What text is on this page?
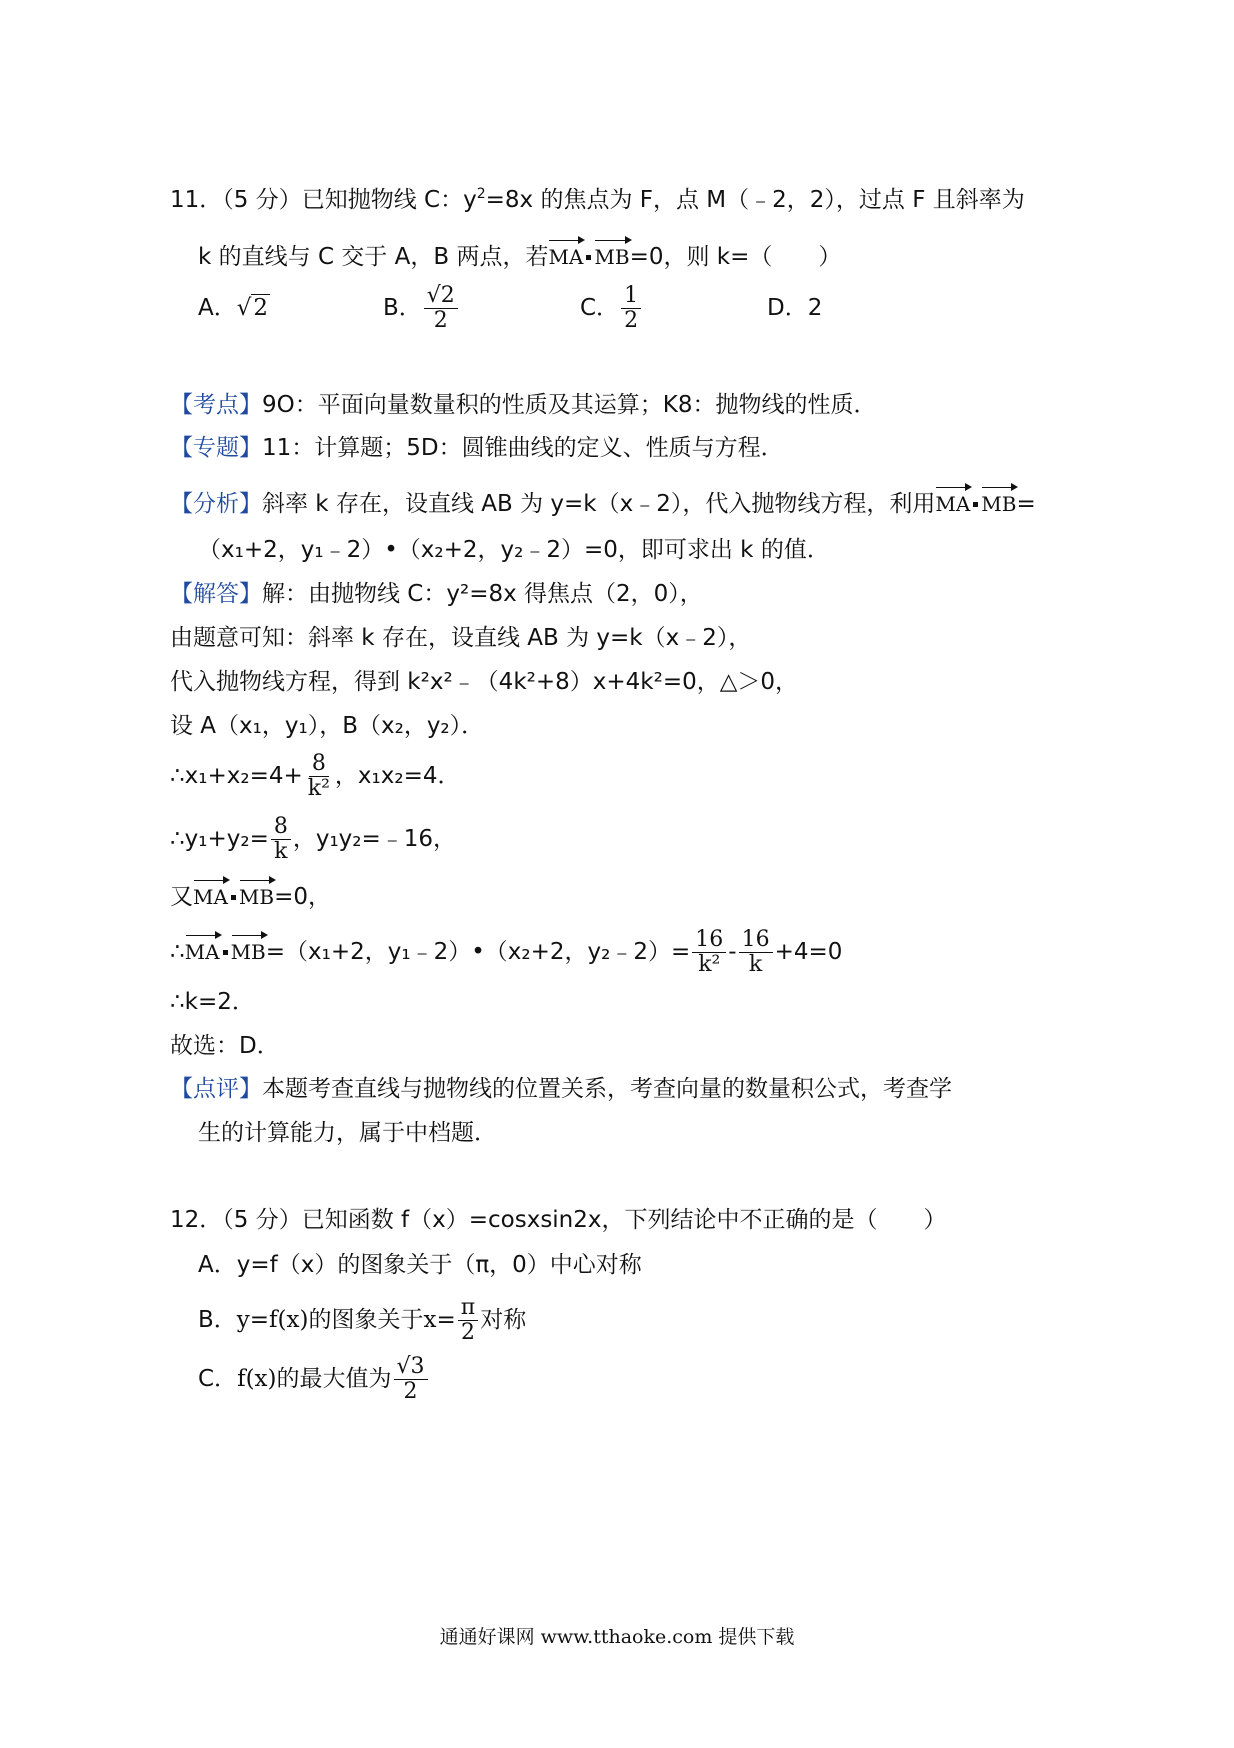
11．（5 分）已知抛物线 C：$y^2=8x$ 的焦点为 F，点 M（﹣2，2），过点 F 且斜率为
k 的直线与 C 交于 A，B 两点，若MA MB=0，则 k=（　　）
A．√2	B． $\frac{√2}{2}$	C． $\frac{1}{2}$	D．2
【考点】9O：平面向量数量积的性质及其运算；K8：抛物线的性质．
【专题】11：计算题；5D：圆锥曲线的定义、性质与方程．
【分析】斜率 k 存在，设直线 AB 为 y=k（x﹣2），代入抛物线方程，利用MA MB=
（x₁+2，y₁﹣2）•（x₂+2，y₂﹣2）=0，即可求出 k 的值．
【解答】解：由抛物线 C：y²=8x 得焦点（2，0），
由题意可知：斜率 k 存在，设直线 AB 为 y=k（x﹣2），
代入抛物线方程，得到 k²x²﹣（4k²+8）x+4k²=0，△＞0，
设 A（x₁，y₁），B（x₂，y₂）．
∴x₁+x₂=4+ $\frac{8}{\text{k²}}$ ，x₁x₂=4．
∴y₁+y₂= $\frac{8}{k}$ ，y₁y₂=﹣16，
又MA MB=0，
∴MA MB=（x₁+2，y₁﹣2）•（x₂+2，y₂﹣2）= $\frac{16}{\text{k²}} - \frac{16}{k} +4=0$
∴k=2．
故选：D．
【点评】本题考查直线与抛物线的位置关系，考查向量的数量积公式，考查学
生的计算能力，属于中档题．
12．（5 分）已知函数 f（x）=cosxsin2x，下列结论中不正确的是（　　）
A．y=f（x）的图象关于（π，0）中心对称
B．y=f(x)的图象关于$x= \frac{\pi}{2}$ 对称
C．f(x)的最大值为 $\frac{√3}{2}$
通通好课网 www.tthaoke.com 提供下载
